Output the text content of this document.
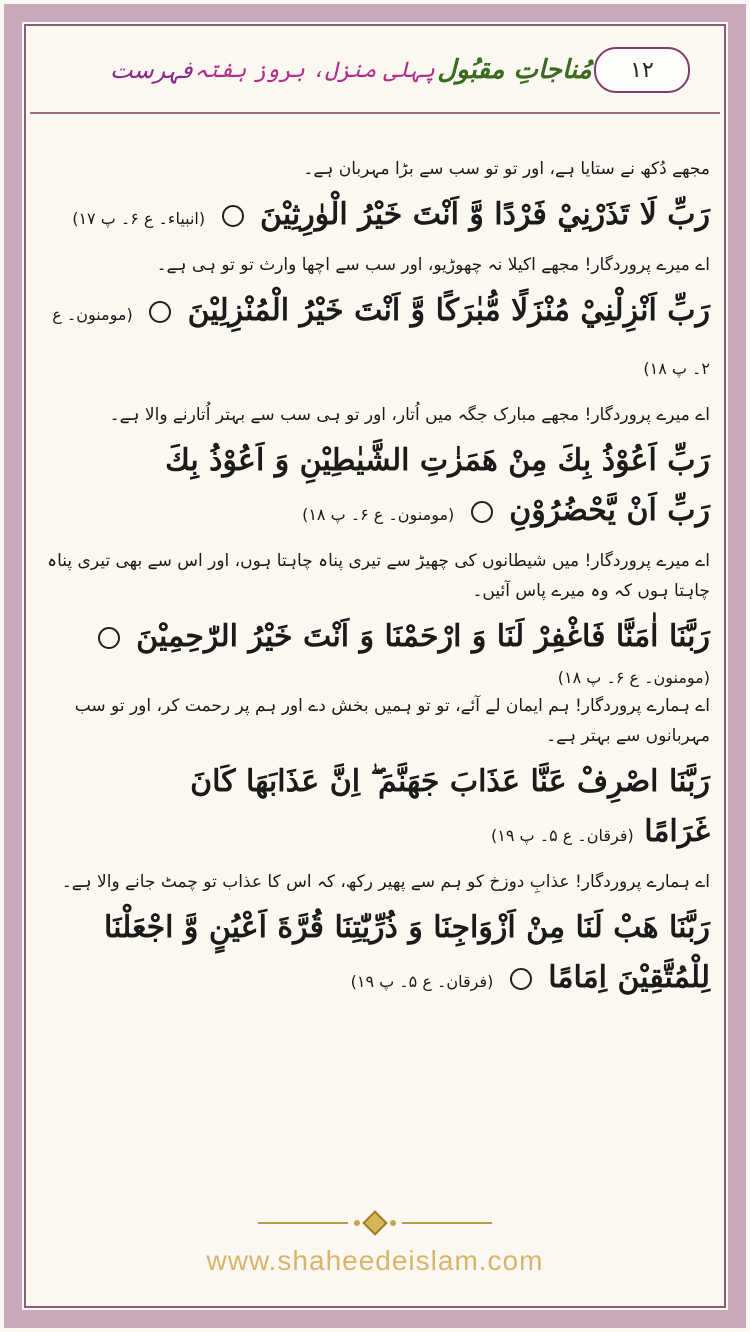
فہرست پہلی منزل، بروز ہفتہ مُناجاتِ مقبُول	۱۲
مجھے دُکھ نے ستایا ہے، اور تو تو سب سے بڑا مہربان ہے۔
رَبِّ لَا تَذَرْنِيْ فَرْدًا وَّ اَنْتَ خَيْرُ الْوٰرِثِيْنَ  (انبیاء۔ ع ۶۔ پ ۱۷)
اے میرے پروردگار! مجھے اکیلا نہ چھوڑیو، اور سب سے اچھا وارث تو تو ہی ہے۔
رَبِّ اَنْزِلْنِيْ مُنْزَلًا مُّبٰرَكًا وَّ اَنْتَ خَيْرُ الْمُنْزِلِيْنَ  (مومنون۔ ع ۲۔ پ ۱۸)
اے میرے پروردگار! مجھے مبارک جگہ میں اُتار، اور تو ہی سب سے بہتر اُتارنے والا ہے۔
رَبِّ اَعُوْذُ بِكَ مِنْ هَمَزٰتِ الشَّيٰطِيْنِ وَ اَعُوْذُ بِكَ
رَبِّ اَنْ يَّحْضُرُوْنِ  (مومنون۔ ع ۶۔ پ ۱۸)
اے میرے پروردگار! میں شیطانوں کی چھیڑ سے تیری پناہ چاہتا ہوں، اور اس سے بھی تیری پناہ چاہتا ہوں کہ وہ میرے پاس آئیں۔
رَبَّنَا اٰمَنَّا فَاغْفِرْ لَنَا وَ ارْحَمْنَا وَ اَنْتَ خَيْرُ الرّٰحِمِيْنَ
(مومنون۔ ع ۶۔ پ ۱۸)
اے ہمارے پروردگار! ہم ایمان لے آئے، تو تو ہمیں بخش دے اور ہم پر رحمت کر، اور تو سب مہربانوں سے بہتر ہے۔
رَبَّنَا اصْرِفْ عَنَّا عَذَابَ جَهَنَّمَ ۖ اِنَّ عَذَابَهَا كَانَ
غَرَامًا (فرقان۔ ع ۵۔ پ ۱۹)
اے ہمارے پروردگار! عذابِ دوزخ کو ہم سے پھیر رکھ، کہ اس کا عذاب تو چمٹ جانے والا ہے۔
رَبَّنَا هَبْ لَنَا مِنْ اَزْوَاجِنَا وَ ذُرِّيّٰتِنَا قُرَّةَ اَعْيُنٍ وَّ اجْعَلْنَا
لِلْمُتَّقِيْنَ اِمَامًا  (فرقان۔ ع ۵۔ پ ۱۹)
www.shaheedeislam.com
